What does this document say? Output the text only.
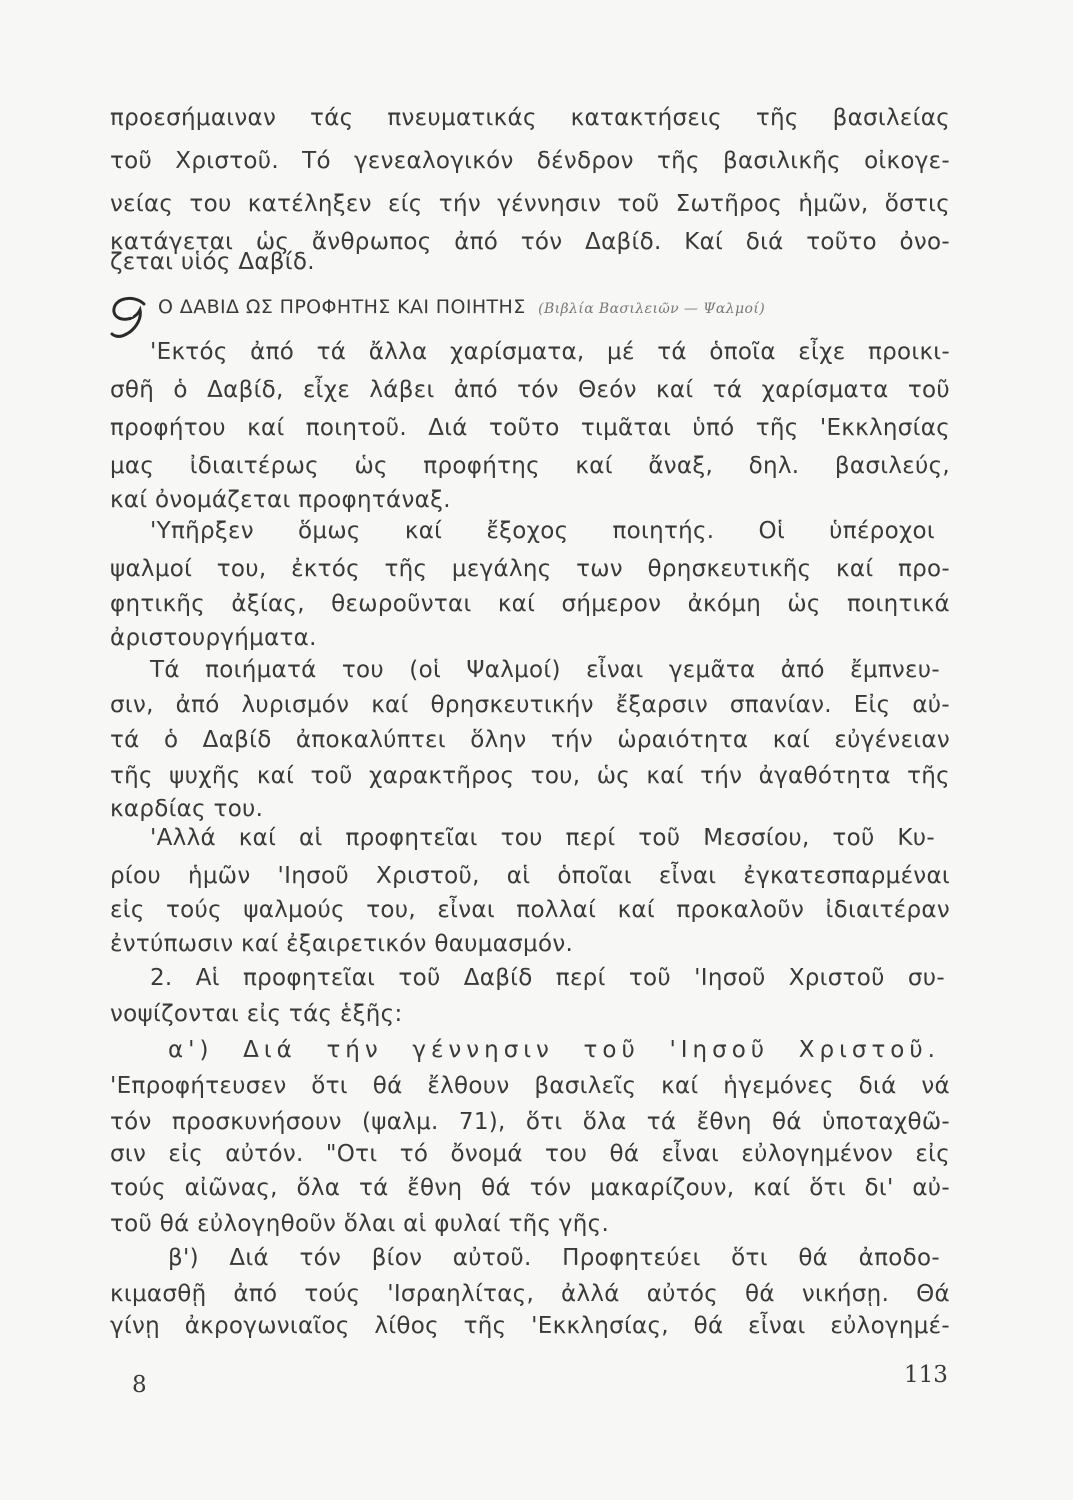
προεσήμαιναν τάς πνευματικάς κατακτήσεις τῆς βασιλείας
τοῦ Χριστοῦ. Τό γενεαλογικόν δένδρον τῆς βασιλικῆς οἰκογε-
νείας του κατέληξεν είς τήν γέννησιν τοῦ Σωτῆρος ἡμῶν, ὅστις
κατάγεται ὡς ἄνθρωπος ἀπό τόν Δαβίδ. Καί διά τοῦτο ὀνο-
ζεται υἱός Δαβίδ.
17 Ο ΔΑΒΙΔ ΩΣ ΠΡΟΦΗΤΗΣ ΚΑΙ ΠΟΙΗΤΗΣ (Βιβλία Βασιλειῶν — Ψαλμοί)
'Εκτός ἀπό τά ἄλλα χαρίσματα, μέ τά ὁποῖα εἶχε προικι-
σθῆ ὁ Δαβίδ, εἶχε λάβει ἀπό τόν Θεόν καί τά χαρίσματα τοῦ
προφήτου καί ποιητοῦ. Διά τοῦτο τιμᾶται ὑπό τῆς 'Εκκλησίας
μας ἰδιαιτέρως ὡς προφήτης καί ἄναξ, δηλ. βασιλεύς,
καί ὀνομάζεται προφητάναξ.
'Υπῆρξεν ὅμως καί ἔξοχος ποιητής. Οἱ ὑπέροχοι
ψαλμοί του, ἐκτός τῆς μεγάλης των θρησκευτικῆς καί προ-
φητικῆς ἀξίας, θεωροῦνται καί σήμερον ἀκόμη ὡς ποιητικά
ἀριστουργήματα.
Τά ποιήματά του (οἱ Ψαλμοί) εἶναι γεμᾶτα ἀπό ἔμπνευ-
σιν, ἀπό λυρισμόν καί θρησκευτικήν ἔξαρσιν σπανίαν. Εἰς αὐ-
τά ὁ Δαβίδ ἀποκαλύπτει ὅλην τήν ὡραιότητα καί εὐγένειαν
τῆς ψυχῆς καί τοῦ χαρακτῆρος του, ὡς καί τήν ἀγαθότητα τῆς
καρδίας του.
'Αλλά καί αἱ προφητεῖαι του περί τοῦ Μεσσίου, τοῦ Κυ-
ρίου ἡμῶν 'Ιησοῦ Χριστοῦ, αἱ ὁποῖαι εἶναι ἐγκατεσπαρμέναι
εἰς τούς ψαλμούς του, εἶναι πολλαί καί προκαλοῦν ἰδιαιτέραν
ἐντύπωσιν καί ἐξαιρετικόν θαυμασμόν.
2. Αἱ προφητεῖαι τοῦ Δαβίδ περί τοῦ 'Ιησοῦ Χριστοῦ συ-
νοψίζονται εἰς τάς ἑξῆς:
α') Διά τήν γέννησιν τοῦ 'Ιησοῦ Χριστοῦ.
'Επροφήτευσεν ὅτι θά ἔλθουν βασιλεῖς καί ἡγεμόνες διά νά
τόν προσκυνήσουν (ψαλμ. 71), ὅτι ὅλα τά ἔθνη θά ὑποταχθῶ-
σιν εἰς αὐτόν. "Οτι τό ὄνομά του θά εἶναι εὐλογημένον εἰς
τούς αἰῶνας, ὅλα τά ἔθνη θά τόν μακαρίζουν, καί ὅτι δι' αὐ-
τοῦ θά εὐλογηθοῦν ὅλαι αἱ φυλαί τῆς γῆς.
β') Διά τόν βίον αὐτοῦ. Προφητεύει ὅτι θά ἀποδο-
κιμασθῇ ἀπό τούς 'Ισραηλίτας, ἀλλά αὐτός θά νικήσῃ. Θά
γίνῃ ἀκρογωνιαῖος λίθος τῆς 'Εκκλησίας, θά εἶναι εὐλογημέ-
8	113
